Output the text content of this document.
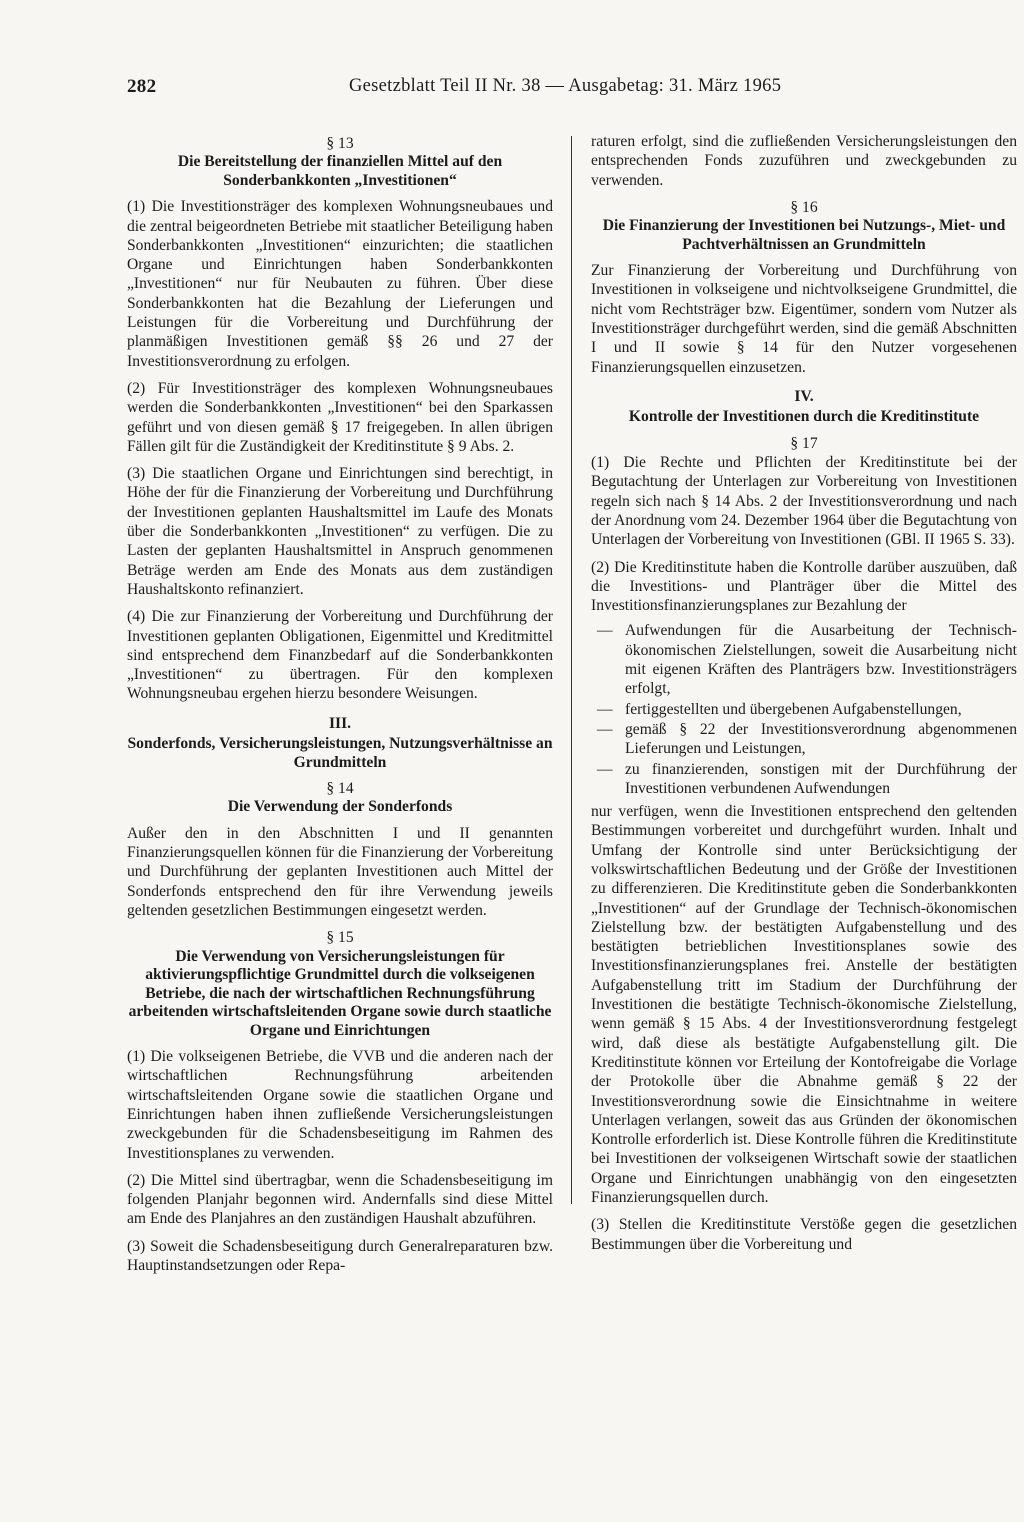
282	Gesetzblatt Teil II Nr. 38 — Ausgabetag: 31. März 1965
§ 13
Die Bereitstellung der finanziellen Mittel auf den Sonderbankkonten „Investitionen“

(1) Die Investitionsträger des komplexen Wohnungsneubaues und die zentral beigeordneten Betriebe mit staatlicher Beteiligung haben Sonderbankkonten „Investitionen“ einzurichten; die staatlichen Organe und Einrichtungen haben Sonderbankkonten „Investitionen“ nur für Neubauten zu führen. Über diese Sonderbankkonten hat die Bezahlung der Lieferungen und Leistungen für die Vorbereitung und Durchführung der planmäßigen Investitionen gemäß §§ 26 und 27 der Investitionsverordnung zu erfolgen.

(2) Für Investitionsträger des komplexen Wohnungsneubaues werden die Sonderbankkonten „Investitionen“ bei den Sparkassen geführt und von diesen gemäß § 17 freigegeben. In allen übrigen Fällen gilt für die Zuständigkeit der Kreditinstitute § 9 Abs. 2.

(3) Die staatlichen Organe und Einrichtungen sind berechtigt, in Höhe der für die Finanzierung der Vorbereitung und Durchführung der Investitionen geplanten Haushaltsmittel im Laufe des Monats über die Sonderbankkonten „Investitionen“ zu verfügen. Die zu Lasten der geplanten Haushaltsmittel in Anspruch genommenen Beträge werden am Ende des Monats aus dem zuständigen Haushaltskonto refinanziert.

(4) Die zur Finanzierung der Vorbereitung und Durchführung der Investitionen geplanten Obligationen, Eigenmittel und Kreditmittel sind entsprechend dem Finanzbedarf auf die Sonderbankkonten „Investitionen“ zu übertragen. Für den komplexen Wohnungsneubau ergehen hierzu besondere Weisungen.

III.
Sonderfonds, Versicherungsleistungen, Nutzungsverhältnisse an Grundmitteln
§ 14
Die Verwendung der Sonderfonds

Außer den in den Abschnitten I und II genannten Finanzierungsquellen können für die Finanzierung der Vorbereitung und Durchführung der geplanten Investitionen auch Mittel der Sonderfonds entsprechend den für ihre Verwendung jeweils geltenden gesetzlichen Bestimmungen eingesetzt werden.

§ 15
Die Verwendung von Versicherungsleistungen für aktivierungspflichtige Grundmittel durch die volkseigenen Betriebe, die nach der wirtschaftlichen Rechnungsführung arbeitenden wirtschaftsleitenden Organe sowie durch staatliche Organe und Einrichtungen

(1) Die volkseigenen Betriebe, die VVB und die anderen nach der wirtschaftlichen Rechnungsführung arbeitenden wirtschaftsleitenden Organe sowie die staatlichen Organe und Einrichtungen haben ihnen zufließende Versicherungsleistungen zweckgebunden für die Schadensbeseitigung im Rahmen des Investitionsplanes zu verwenden.

(2) Die Mittel sind übertragbar, wenn die Schadensbeseitigung im folgenden Planjahr begonnen wird. Andernfalls sind diese Mittel am Ende des Planjahres an den zuständigen Haushalt abzuführen.

(3) Soweit die Schadensbeseitigung durch Generalreparaturen bzw. Hauptinstandsetzungen oder Repa-

raturen erfolgt, sind die zufließenden Versicherungsleistungen den entsprechenden Fonds zuzuführen und zweckgebunden zu verwenden.

§ 16
Die Finanzierung der Investitionen bei Nutzungs-, Miet- und Pachtverhältnissen an Grundmitteln

Zur Finanzierung der Vorbereitung und Durchführung von Investitionen in volkseigene und nichtvolkseigene Grundmittel, die nicht vom Rechtsträger bzw. Eigentümer, sondern vom Nutzer als Investitionsträger durchgeführt werden, sind die gemäß Abschnitten I und II sowie § 14 für den Nutzer vorgesehenen Finanzierungsquellen einzusetzen.

IV.
Kontrolle der Investitionen durch die Kreditinstitute
§ 17

(1) Die Rechte und Pflichten der Kreditinstitute bei der Begutachtung der Unterlagen zur Vorbereitung von Investitionen regeln sich nach § 14 Abs. 2 der Investitionsverordnung und nach der Anordnung vom 24. Dezember 1964 über die Begutachtung von Unterlagen der Vorbereitung von Investitionen (GBl. II 1965 S. 33).

(2) Die Kreditinstitute haben die Kontrolle darüber auszuüben, daß die Investitions- und Planträger über die Mittel des Investitionsfinanzierungsplanes zur Bezahlung der

— Aufwendungen für die Ausarbeitung der Technisch-ökonomischen Zielstellungen, soweit die Ausarbeitung nicht mit eigenen Kräften des Planträgers bzw. Investitionsträgers erfolgt,
— fertiggestellten und übergebenen Aufgabenstellungen,
— gemäß § 22 der Investitionsverordnung abgenommenen Lieferungen und Leistungen,
— zu finanzierenden, sonstigen mit der Durchführung der Investitionen verbundenen Aufwendungen

nur verfügen, wenn die Investitionen entsprechend den geltenden Bestimmungen vorbereitet und durchgeführt wurden. Inhalt und Umfang der Kontrolle sind unter Berücksichtigung der volkswirtschaftlichen Bedeutung und der Größe der Investitionen zu differenzieren. Die Kreditinstitute geben die Sonderbankkonten „Investitionen“ auf der Grundlage der Technisch-ökonomischen Zielstellung bzw. der bestätigten Aufgabenstellung und des bestätigten betrieblichen Investitionsplanes sowie des Investitionsfinanzierungsplanes frei. Anstelle der bestätigten Aufgabenstellung tritt im Stadium der Durchführung der Investitionen die bestätigte Technisch-ökonomische Zielstellung, wenn gemäß § 15 Abs. 4 der Investitionsverordnung festgelegt wird, daß diese als bestätigte Aufgabenstellung gilt. Die Kreditinstitute können vor Erteilung der Kontofreigabe die Vorlage der Protokolle über die Abnahme gemäß § 22 der Investitionsverordnung sowie die Einsichtnahme in weitere Unterlagen verlangen, soweit das aus Gründen der ökonomischen Kontrolle erforderlich ist. Diese Kontrolle führen die Kreditinstitute bei Investitionen der volkseigenen Wirtschaft sowie der staatlichen Organe und Einrichtungen unabhängig von den eingesetzten Finanzierungsquellen durch.

(3) Stellen die Kreditinstitute Verstöße gegen die gesetzlichen Bestimmungen über die Vorbereitung und
